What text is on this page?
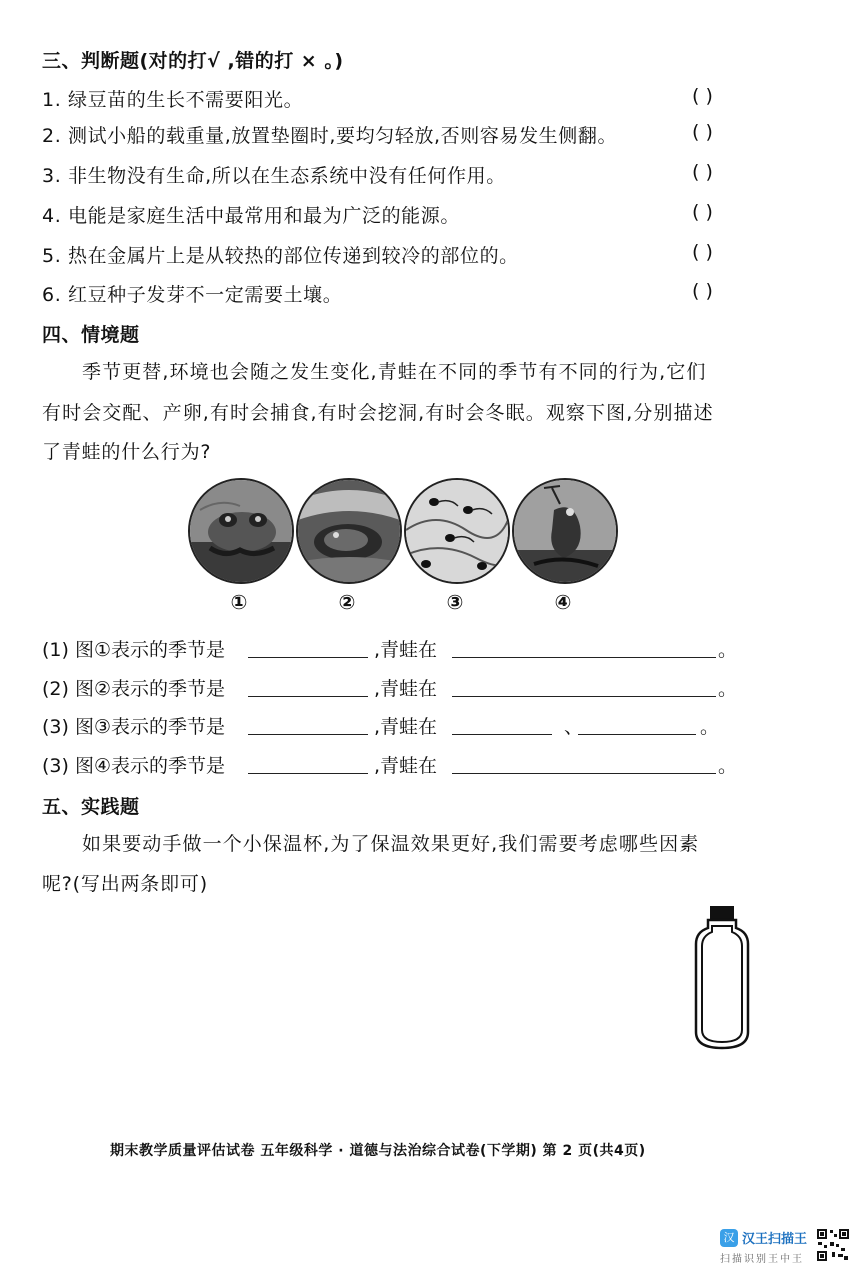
三、判断题(对的打√ ,错的打 × 。)
1. 绿豆苗的生长不需要阳光。	( )
2. 测试小船的载重量,放置垫圈时,要均匀轻放,否则容易发生侧翻。	( )
3. 非生物没有生命,所以在生态系统中没有任何作用。	( )
4. 电能是家庭生活中最常用和最为广泛的能源。	( )
5. 热在金属片上是从较热的部位传递到较冷的部位的。	( )
6. 红豆种子发芽不一定需要土壤。	( )
四、情境题
季节更替,环境也会随之发生变化,青蛙在不同的季节有不同的行为,它们
有时会交配、产卵,有时会捕食,有时会挖洞,有时会冬眠。观察下图,分别描述
了青蛙的什么行为?
①	②	③	④
(1) 图①表示的季节是	,青蛙在	。
(2) 图②表示的季节是	,青蛙在	。
(3) 图③表示的季节是	,青蛙在	、	。
(3) 图④表示的季节是	,青蛙在	。
五、实践题
如果要动手做一个小保温杯,为了保温效果更好,我们需要考虑哪些因素
呢?(写出两条即可)
期末教学质量评估试卷 五年级科学 · 道德与法治综合试卷(下学期) 第 2 页(共4页)
汉 汉王扫描王
扫描识别王中王
